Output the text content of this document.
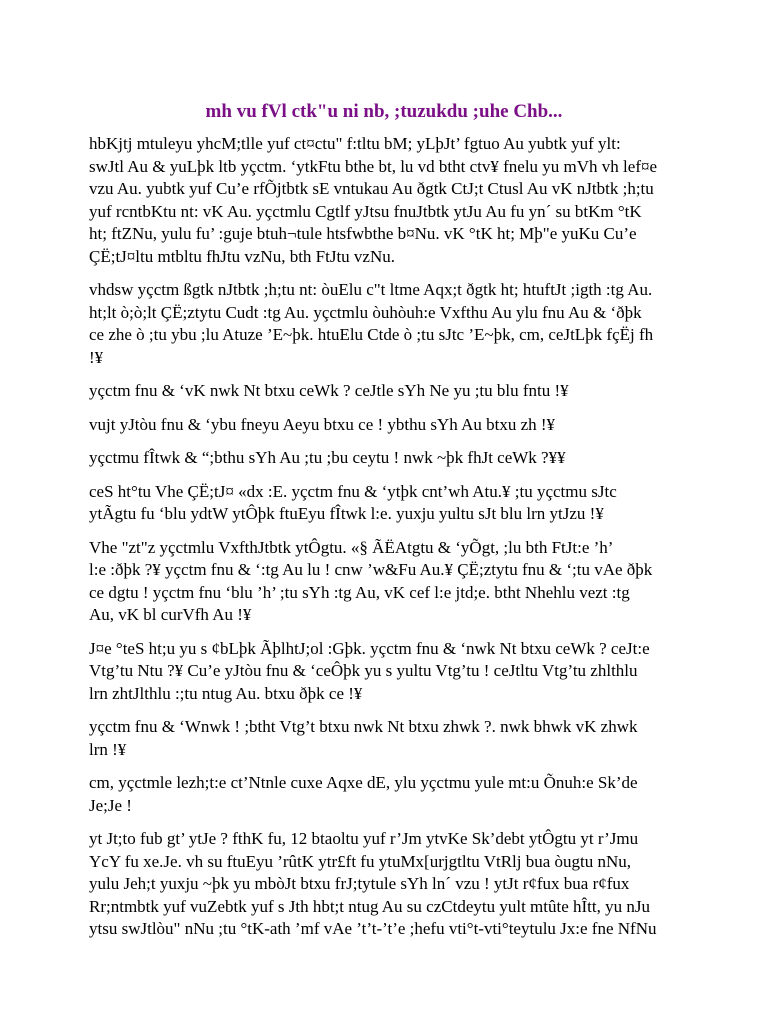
mh vu fVl ctk"u ni nb, ;tuzukdu ;uhe Chb...

hbKjtj mtuleyu yhcM;tlle yuf ct¤ctu" f:tltu bM; yLþJt’ fgtuo Au yubtk yuf ylt:
swJtl Au & yuLþk ltb yçctm. ‘ytkFtu bthe bt, lu vd btht ctv¥ fnelu yu mVh vh lef¤e
vzu Au. yubtk yuf Cu’e rfÕjtbtk sE vntukau Au ðgtk CtJ;t Ctusl Au vK nJtbtk ;h;tu
yuf rcntbKtu nt: vK Au. yçctmlu Cgtlf yJtsu fnuJtbtk ytJu Au fu yn´ su btKm °tK
ht; ftZNu, yulu fu’ :guje btuh¬tule htsfwbthe b¤Nu. vK °tK ht; Mþ"e yuKu Cu’e
ÇË;tJ¤ltu mtbltu fhJtu vzNu, bth FtJtu vzNu.

vhdsw yçctm ßgtk nJtbtk ;h;tu nt: òuElu c"t ltme Aqx;t ðgtk ht; htuftJt ;igth :tg Au.
ht;lt ò;ò;lt ÇË;ztytu Cudt :tg Au. yçctmlu òuhòuh:e Vxfthu Au ylu fnu Au & ‘ðþk
ce zhe ò ;tu ybu ;lu Atuze ’E~þk. htuElu Ctde ò ;tu sJtc ’E~þk, cm, ceJtLþk fçËj fh
!¥

yçctm fnu & ‘vK nwk Nt btxu ceWk ? ceJtle sYh Ne yu ;tu blu fntu !¥

vujt yJtòu fnu & ‘ybu fneyu Aeyu btxu ce ! ybthu sYh Au btxu zh !¥

yçctmu fÎtwk & “;bthu sYh Au ;tu ;bu ceytu ! nwk ~þk fhJt ceWk ?¥¥

ceS ht°tu Vhe ÇË;tJ¤ «dx :E. yçctm fnu & ‘ytþk cnt’wh Atu.¥ ;tu yçctmu sJtc
ytÃgtu fu ‘blu ydtW ytÔþk ftuEyu fÎtwk l:e. yuxju yultu sJt blu lrn ytJzu !¥

Vhe "zt"z yçctmlu VxfthJtbtk ytÔgtu. «§ ÃËAtgtu & ‘yÕgt, ;lu bth FtJt:e ’h’
l:e :ðþk ?¥ yçctm fnu & ‘:tg Au lu ! cnw ’w&Fu Au.¥ ÇË;ztytu fnu & ‘;tu vAe ðþk
ce dgtu ! yçctm fnu ‘blu ’h’ ;tu sYh :tg Au, vK cef l:e jtd;e. btht Nhehlu vezt :tg
Au, vK bl curVfh Au !¥

J¤e °teS ht;u yu s ¢bLþk ÃþlhtJ;ol :Gþk. yçctm fnu & ‘nwk Nt btxu ceWk ? ceJt:e
Vtg’tu Ntu ?¥ Cu’e yJtòu fnu & ‘ceÔþk yu s yultu Vtg’tu ! ceJtltu Vtg’tu zhlthlu
lrn zhtJlthlu :;tu ntug Au. btxu ðþk ce !¥

yçctm fnu & ‘Wnwk ! ;btht Vtg’t btxu nwk Nt btxu zhwk ?. nwk bhwk vK zhwk
lrn !¥

cm, yçctmle lezh;t:e ct’Ntnle cuxe Aqxe dE, ylu yçctmu yule mt:u Õnuh:e Sk’de
Je;Je !

yt Jt;to fub gt’ ytJe ? fthK fu, 12 btaoltu yuf r’Jm ytvKe Sk’debt ytÔgtu yt r’Jmu
YcY fu xe.Je. vh su ftuEyu ’rûtK ytr£ft fu ytuMx[urjgtltu VtRlj bua òugtu nNu,
yulu Jeh;t yuxju ~þk yu mbòJt btxu frJ;tytule sYh ln´ vzu ! ytJt r¢fux bua r¢fux
Rr;ntmbtk yuf vuZebtk yuf s Jth hbt;t ntug Au su czCtdeytu yult mtûte hÎtt, yu nJu
ytsu swJtlòu" nNu ;tu °tK-ath ’mf vAe ’t’t-’t’e ;hefu vti°t-vti°teytulu Jx:e fne NfNu
